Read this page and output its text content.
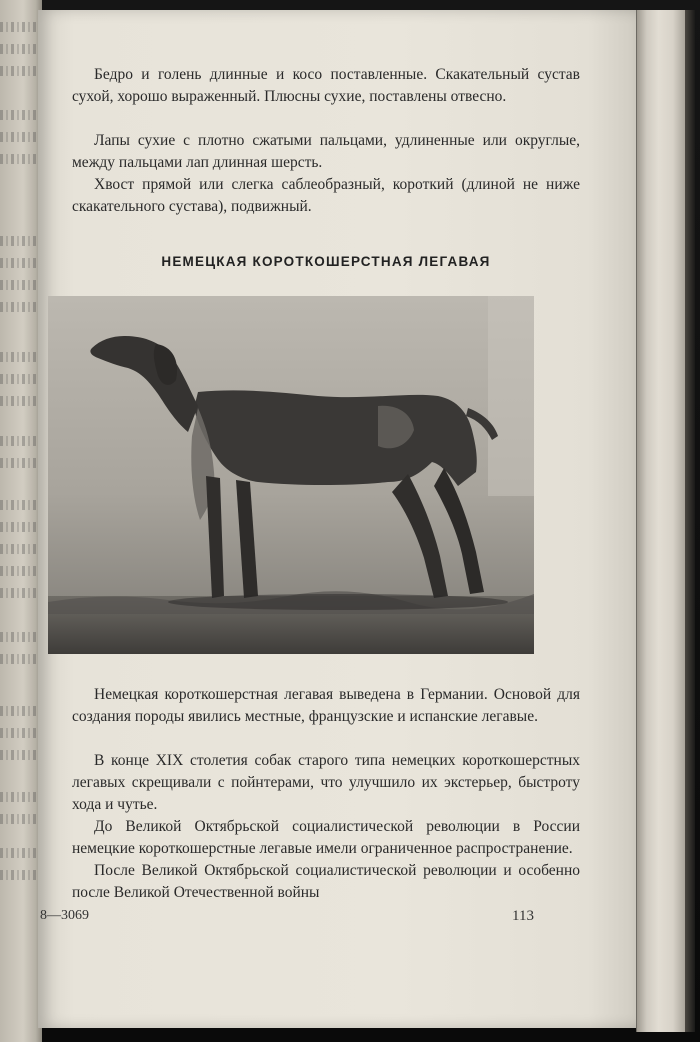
Бедро и голень длинные и косо поставленные. Скакательный сустав сухой, хорошо выраженный. Плюсны сухие, поставлены отвесно.

Лапы сухие с плотно сжатыми пальцами, удлиненные или округлые, между пальцами лап длинная шерсть.

Хвост прямой или слегка саблеобразный, короткий (длиной не ниже скакательного сустава), подвижный.

НЕМЕЦКАЯ КОРОТКОШЕРСТНАЯ ЛЕГАВАЯ

Немецкая короткошерстная легавая выведена в Германии. Основой для создания породы явились местные, французские и испанские легавые.

В конце XIX столетия собак старого типа немецких короткошерстных легавых скрещивали с пойнтерами, что улучшило их экстерьер, быстроту хода и чутье.

До Великой Октябрьской социалистической революции в России немецкие короткошерстные легавые имели ограниченное распространение.

После Великой Октябрьской социалистической революции и особенно после Великой Отечественной войны

8—3069	113
